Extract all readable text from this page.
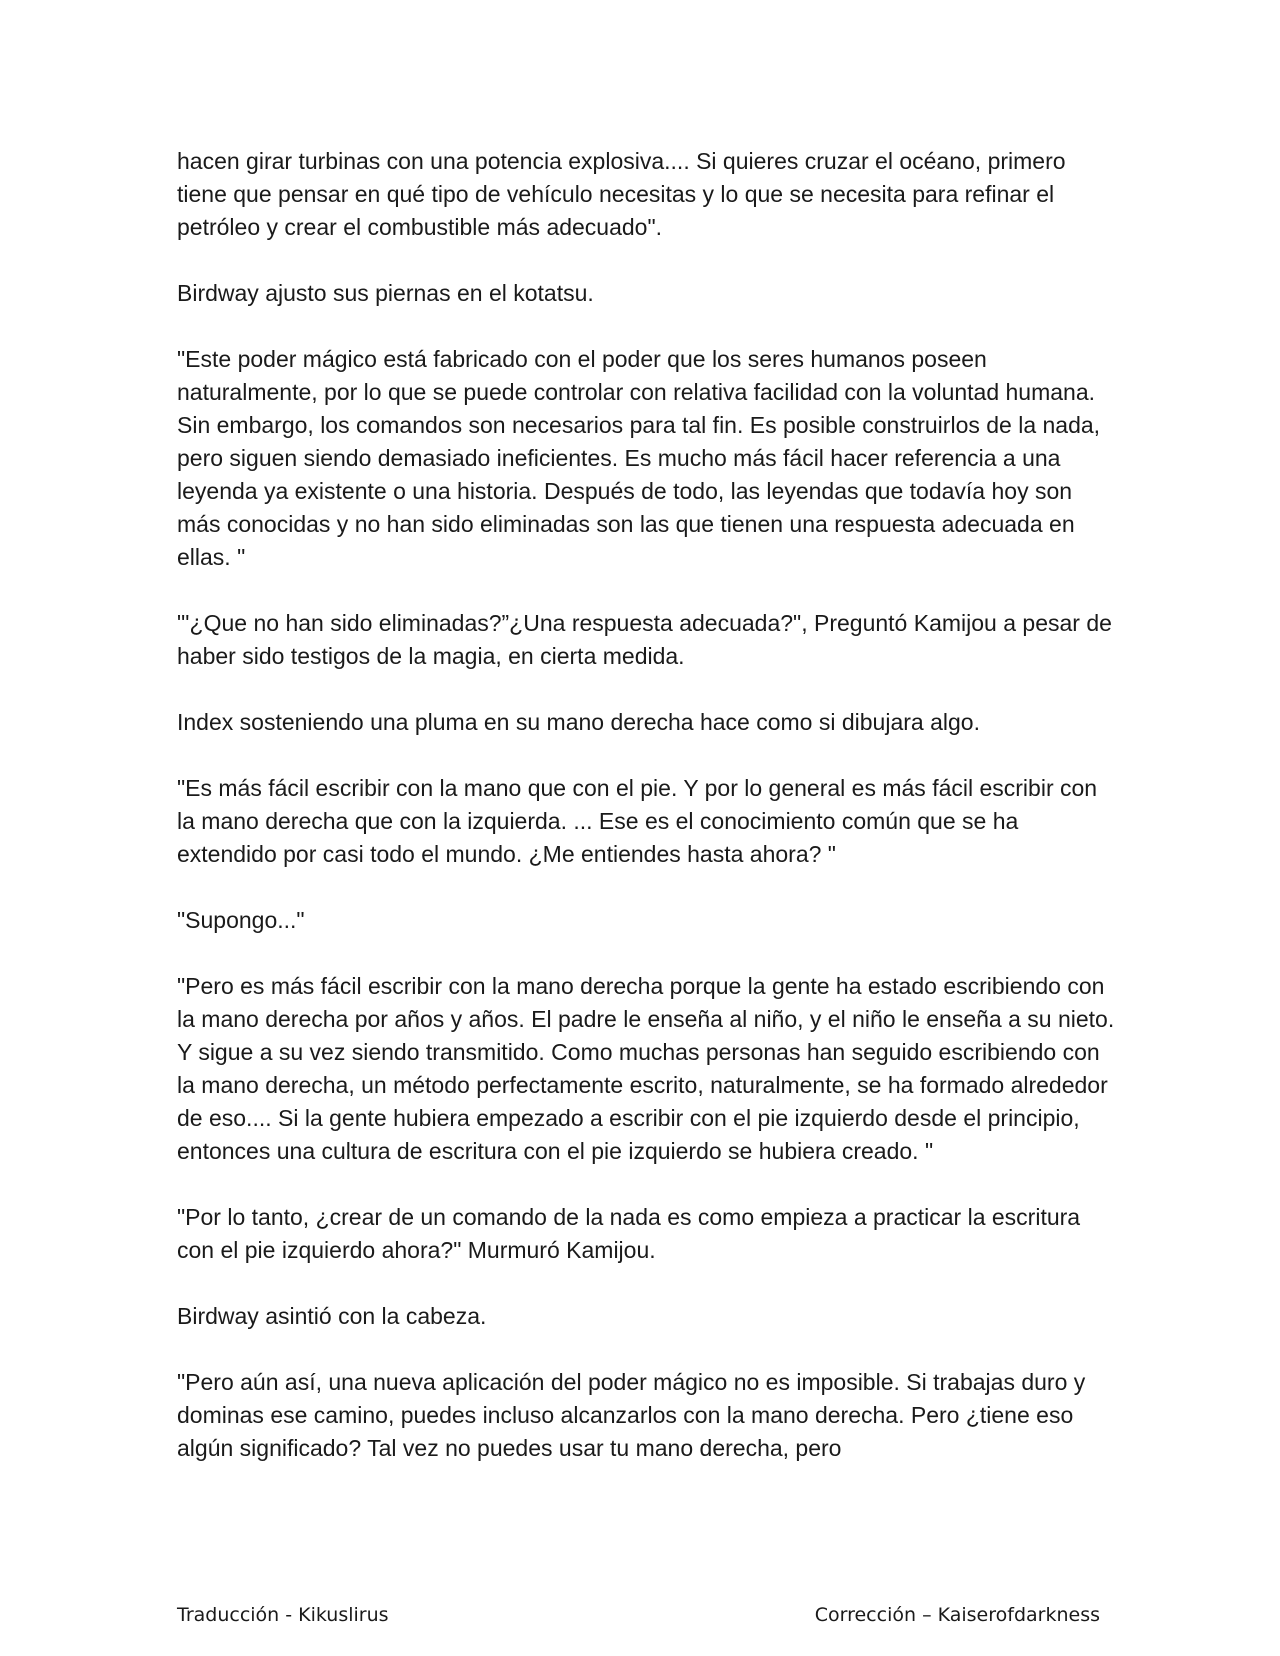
hacen girar turbinas con una potencia explosiva.... Si quieres cruzar el océano, primero tiene que pensar en qué tipo de vehículo necesitas y lo que se necesita para refinar el petróleo y crear el combustible más adecuado".

Birdway ajusto sus piernas en el kotatsu.

"Este poder mágico está fabricado con el poder que los seres humanos poseen naturalmente, por lo que se puede controlar con relativa facilidad con la voluntad humana. Sin embargo, los comandos son necesarios para tal fin. Es posible construirlos de la nada, pero siguen siendo demasiado ineficientes. Es mucho más fácil hacer referencia a una leyenda ya existente o una historia. Después de todo, las leyendas que todavía hoy son más conocidas y no han sido eliminadas son las que tienen una respuesta adecuada en ellas. "

"'¿Que no han sido eliminadas?”¿Una respuesta adecuada?", Preguntó Kamijou a pesar de haber sido testigos de la magia, en cierta medida.

Index sosteniendo una pluma en su mano derecha hace como si dibujara algo.

"Es más fácil escribir con la mano que con el pie. Y por lo general es más fácil escribir con la mano derecha que con la izquierda. ... Ese es el conocimiento común que se ha extendido por casi todo el mundo. ¿Me entiendes hasta ahora? "

"Supongo..."

"Pero es más fácil escribir con la mano derecha porque la gente ha estado escribiendo con la mano derecha por años y años. El padre le enseña al niño, y el niño le enseña a su nieto. Y sigue a su vez siendo transmitido. Como muchas personas han seguido escribiendo con la mano derecha, un método perfectamente escrito, naturalmente, se ha formado alrededor de eso.... Si la gente hubiera empezado a escribir con el pie izquierdo desde el principio, entonces una cultura de escritura con el pie izquierdo se hubiera creado. "

"Por lo tanto, ¿crear de un comando de la nada es como empieza a practicar la escritura con el pie izquierdo ahora?" Murmuró Kamijou.

Birdway asintió con la cabeza.

"Pero aún así, una nueva aplicación del poder mágico no es imposible. Si trabajas duro y dominas ese camino, puedes incluso alcanzarlos con la mano derecha. Pero ¿tiene eso algún significado? Tal vez no puedes usar tu mano derecha, pero

Traducción - Kikuslirus	Corrección – Kaiserofdarkness
